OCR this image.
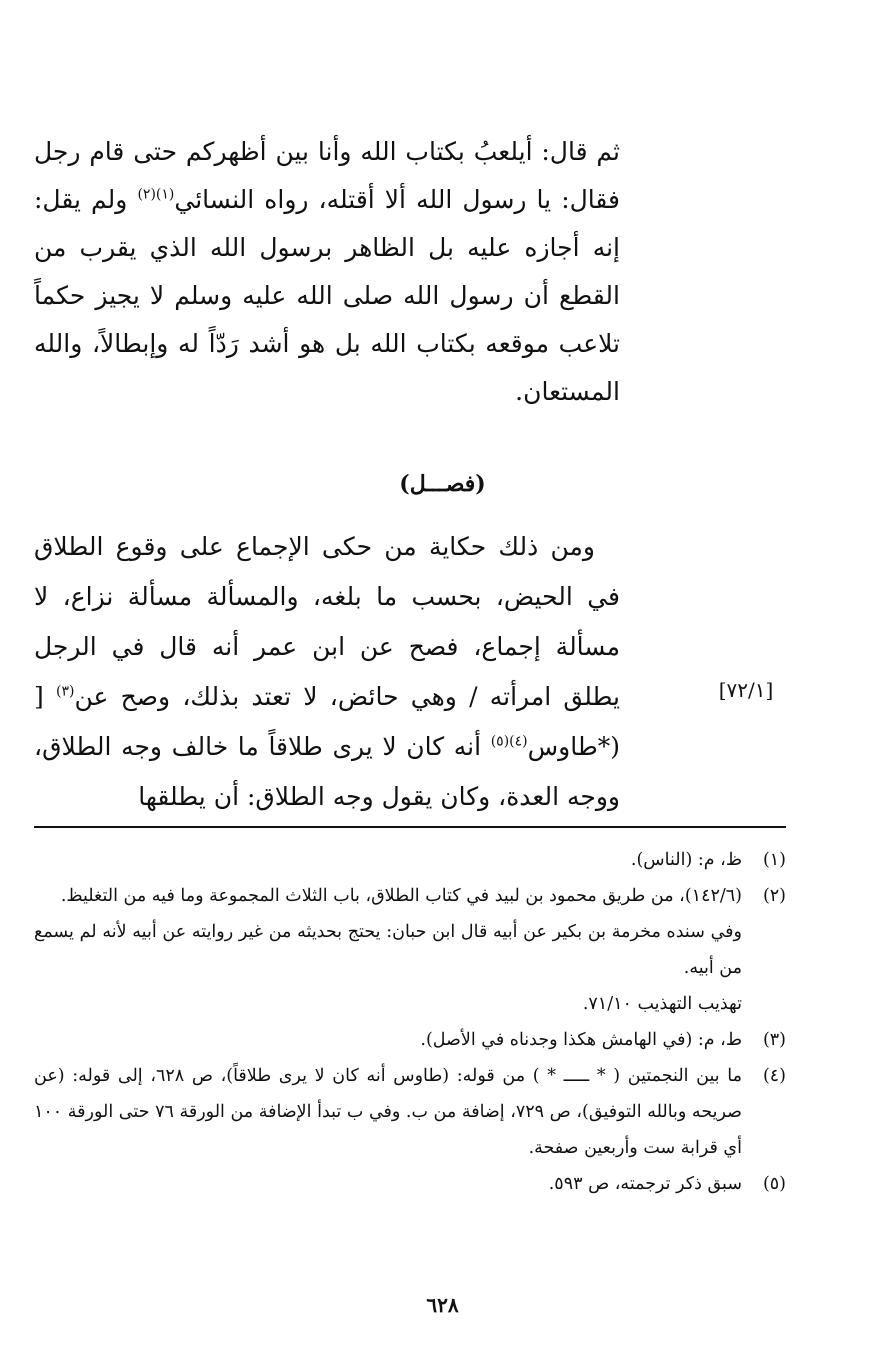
ثم قال: أيلعبُ بكتاب الله وأنا بين أظهركم حتى قام رجل فقال: يا رسول الله ألا أقتله، رواه النسائي$^{(١)(٢)}$ ولم يقل: إنه أجازه عليه بل الظاهر برسول الله الذي يقرب من القطع أن رسول الله صلى الله عليه وسلم لا يجيز حكماً تلاعب موقعه بكتاب الله بل هو أشد رَدّاً له وإبطالاً، والله المستعان.

(فصـــل)

 ومن ذلك حكاية من حكى الإجماع على وقوع الطلاق في الحيض، بحسب ما بلغه، والمسألة مسألة نزاع، لا مسألة إجماع، فصح عن ابن عمر أنه قال في الرجل يطلق امرأته / وهي حائض، لا تعتد بذلك، وصح عن$^{(٣)}$ [ (*طاوس$^{(٤)(٥)}$ أنه كان لا يرى طلاقاً ما خالف وجه الطلاق، ووجه العدة، وكان يقول وجه الطلاق: أن يطلقها

[٧٢/١]
(١)
ظ، م: (الناس).
(٢)
(١٤٢/٦)، من طريق محمود بن لبيد في كتاب الطلاق، باب الثلاث المجموعة وما فيه من التغليظ.
وفي سنده مخرمة بن بكير عن أبيه قال ابن حبان: يحتج بحديثه من غير روايته عن أبيه لأنه لم يسمع من أبيه.
تهذيب التهذيب ٧١/١٠.
(٣)
ط، م: (في الهامش هكذا وجدناه في الأصل).
(٤)
ما بين النجمتين ( * ـــــ * ) من قوله: (طاوس أنه كان لا يرى طلاقاً)، ص ٦٢٨، إلى قوله: (عن صريحه وبالله التوفيق)، ص ٧٢٩، إضافة من ب. وفي ب تبدأ الإضافة من الورقة ٧٦ حتى الورقة ١٠٠ أي قرابة ست وأربعين صفحة.
(٥)
سبق ذكر ترجمته، ص ٥٩٣.
٦٢٨
